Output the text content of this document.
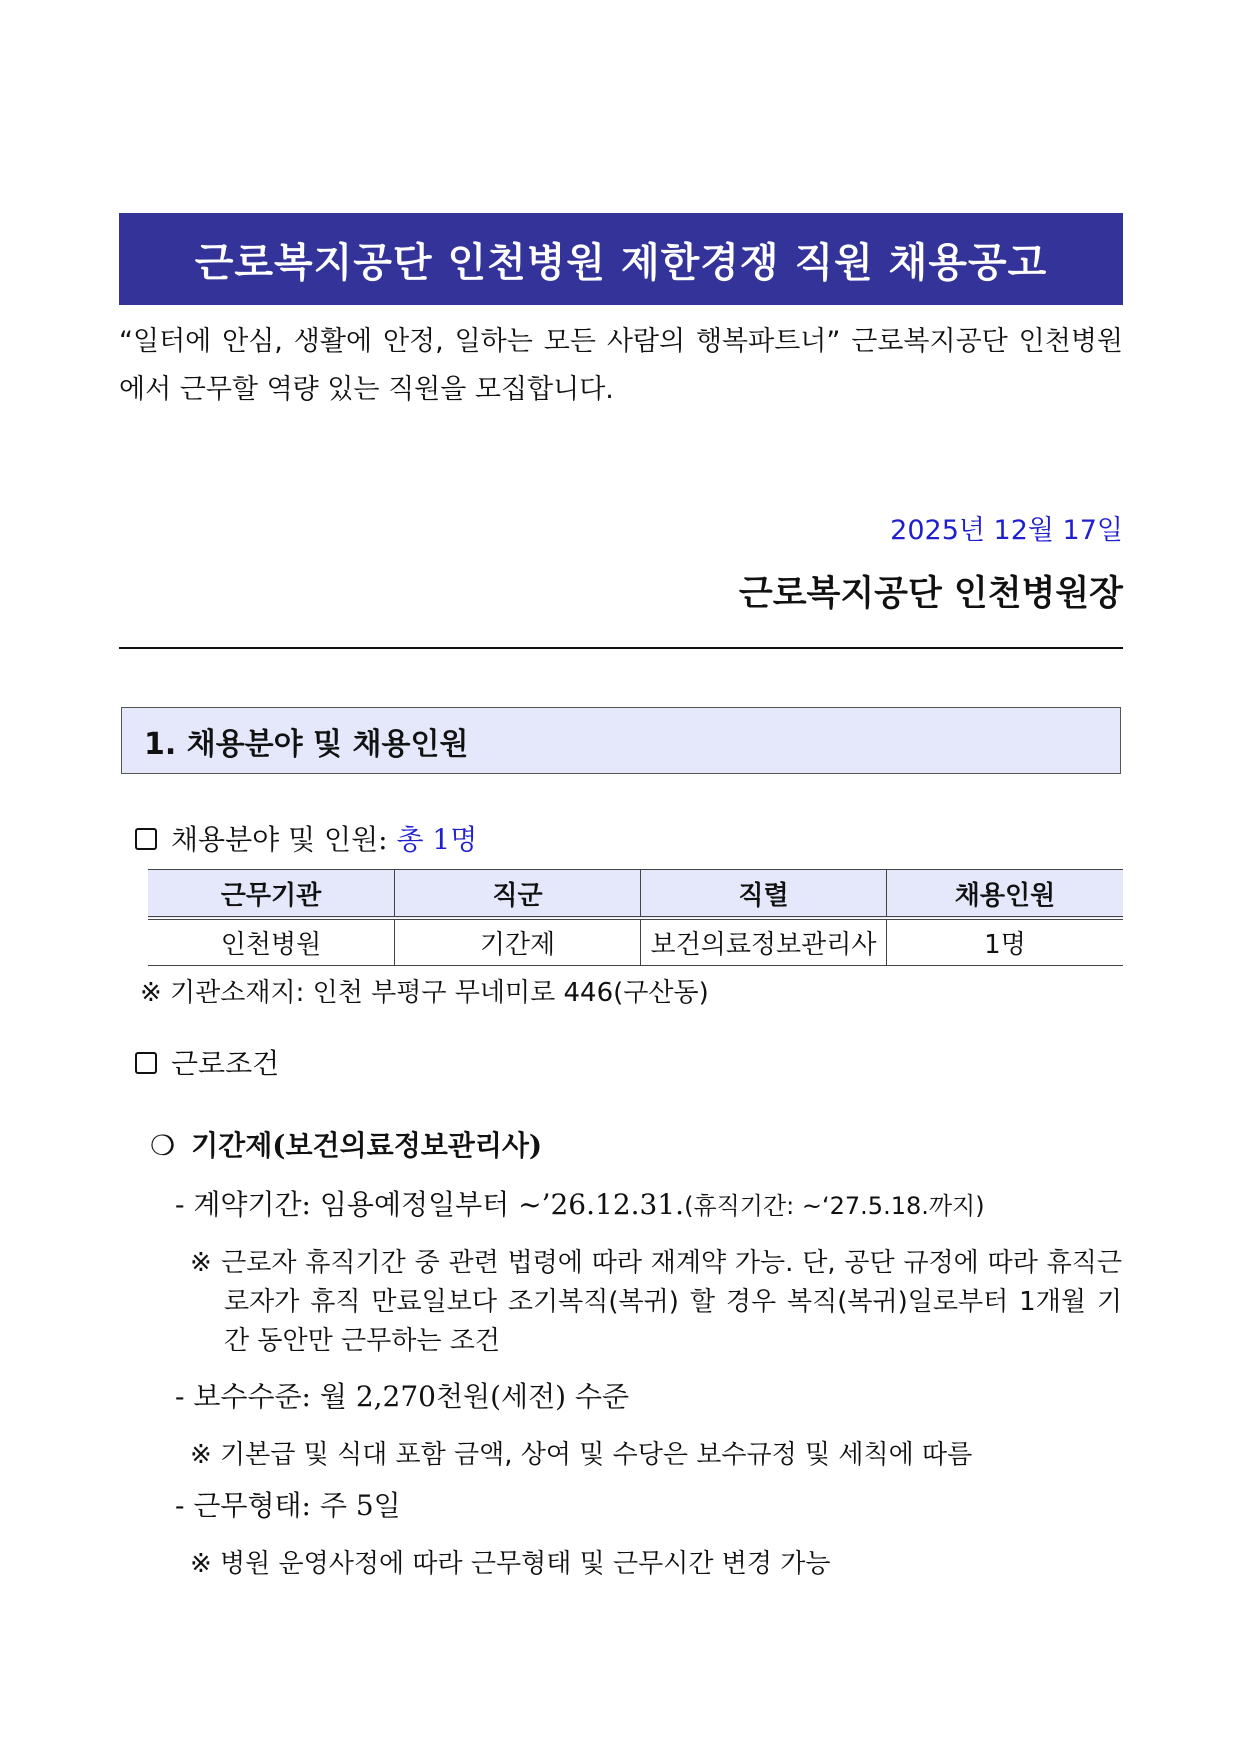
근로복지공단 인천병원 제한경쟁 직원 채용공고
“일터에 안심, 생활에 안정, 일하는 모든 사람의 행복파트너” 근로복지공단 인천병원에서 근무할 역량 있는 직원을 모집합니다.
2025년 12월 17일
근로복지공단 인천병원장
1. 채용분야 및 채용인원
채용분야 및 인원: 총 1명
근무기관	직군	직렬	채용인원
인천병원	기간제	보건의료정보관리사	1명
※ 기관소재지: 인천 부평구 무네미로 446(구산동)
근로조건
❍ 기간제(보건의료정보관리사)
- 계약기간: 임용예정일부터 ~’26.12.31.(휴직기간: ~‘27.5.18.까지)
※ 근로자 휴직기간 중 관련 법령에 따라 재계약 가능. 단, 공단 규정에 따라 휴직근로자가 휴직 만료일보다 조기복직(복귀) 할 경우 복직(복귀)일로부터 1개월 기간 동안만 근무하는 조건
- 보수수준: 월 2,270천원(세전) 수준
※ 기본급 및 식대 포함 금액, 상여 및 수당은 보수규정 및 세칙에 따름
- 근무형태: 주 5일
※ 병원 운영사정에 따라 근무형태 및 근무시간 변경 가능
